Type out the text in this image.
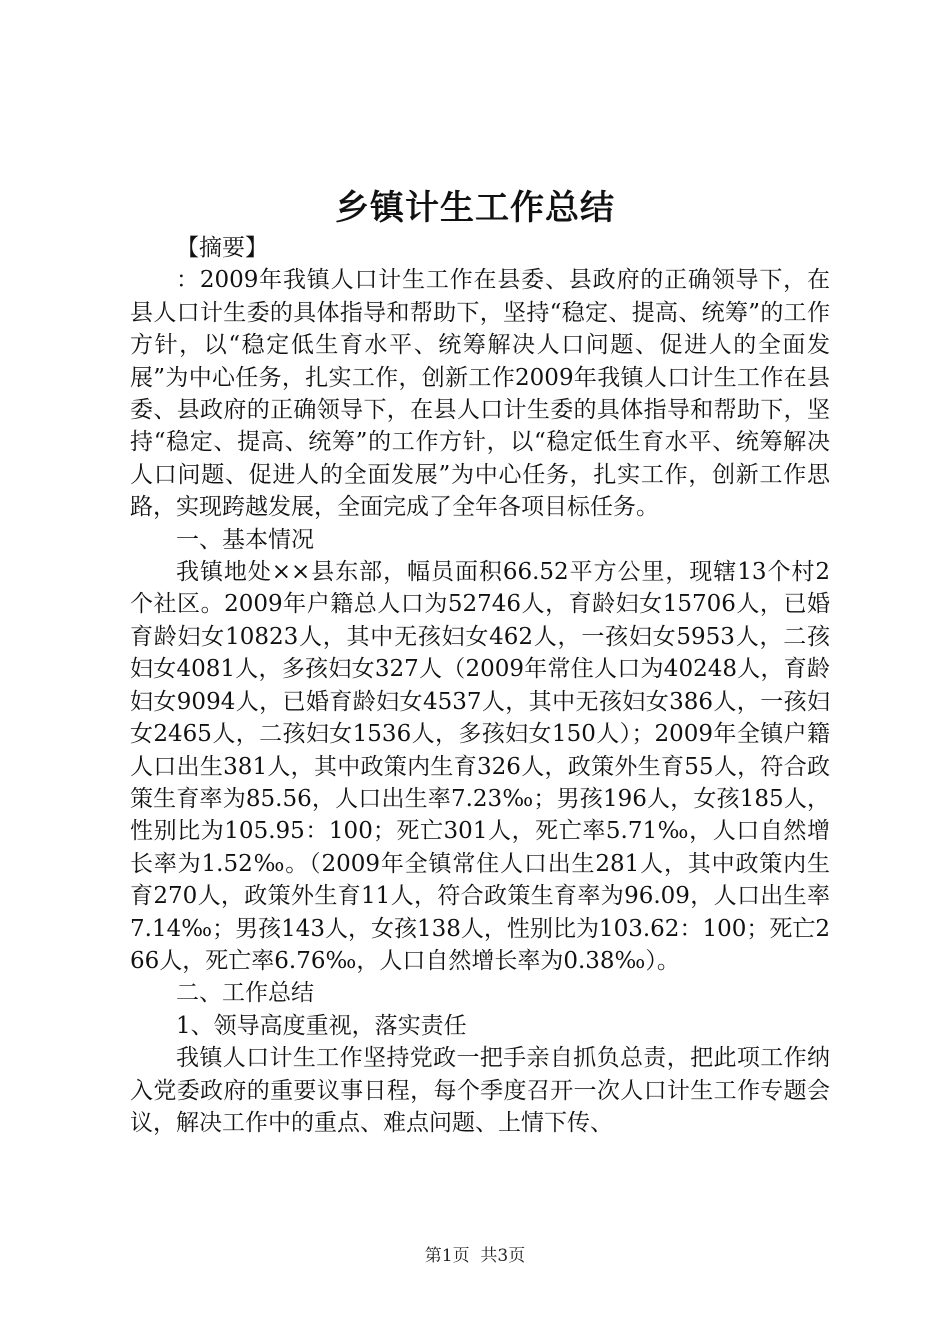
乡镇计生工作总结

【摘要】

：2009年我镇人口计生工作在县委、县政府的正确领导下，在县人口计生委的具体指导和帮助下，坚持“稳定、提高、统筹”的工作方针，以“稳定低生育水平、统筹解决人口问题、促进人的全面发展”为中心任务，扎实工作，创新工作2009年我镇人口计生工作在县委、县政府的正确领导下，在县人口计生委的具体指导和帮助下，坚持“稳定、提高、统筹”的工作方针，以“稳定低生育水平、统筹解决人口问题、促进人的全面发展”为中心任务，扎实工作，创新工作思路，实现跨越发展，全面完成了全年各项目标任务。

一、基本情况

我镇地处××县东部，幅员面积66.52平方公里，现辖13个村2个社区。2009年户籍总人口为52746人，育龄妇女15706人，已婚育龄妇女10823人，其中无孩妇女462人，一孩妇女5953人，二孩妇女4081人，多孩妇女327人（2009年常住人口为40248人，育龄妇女9094人，已婚育龄妇女4537人，其中无孩妇女386人，一孩妇女2465人，二孩妇女1536人，多孩妇女150人）；2009年全镇户籍人口出生381人，其中政策内生育326人，政策外生育55人，符合政策生育率为85.56，人口出生率7.23‰；男孩196人，女孩185人，性别比为105.95：100；死亡301人，死亡率5.71‰，人口自然增长率为1.52‰。（2009年全镇常住人口出生281人，其中政策内生育270人，政策外生育11人，符合政策生育率为96.09，人口出生率7.14‰；男孩143人，女孩138人，性别比为103.62：100；死亡266人，死亡率6.76‰，人口自然增长率为0.38‰）。

二、工作总结

1、领导高度重视，落实责任

我镇人口计生工作坚持党政一把手亲自抓负总责，把此项工作纳入党委政府的重要议事日程，每个季度召开一次人口计生工作专题会议，解决工作中的重点、难点问题、上情下传、

第1页  共3页
